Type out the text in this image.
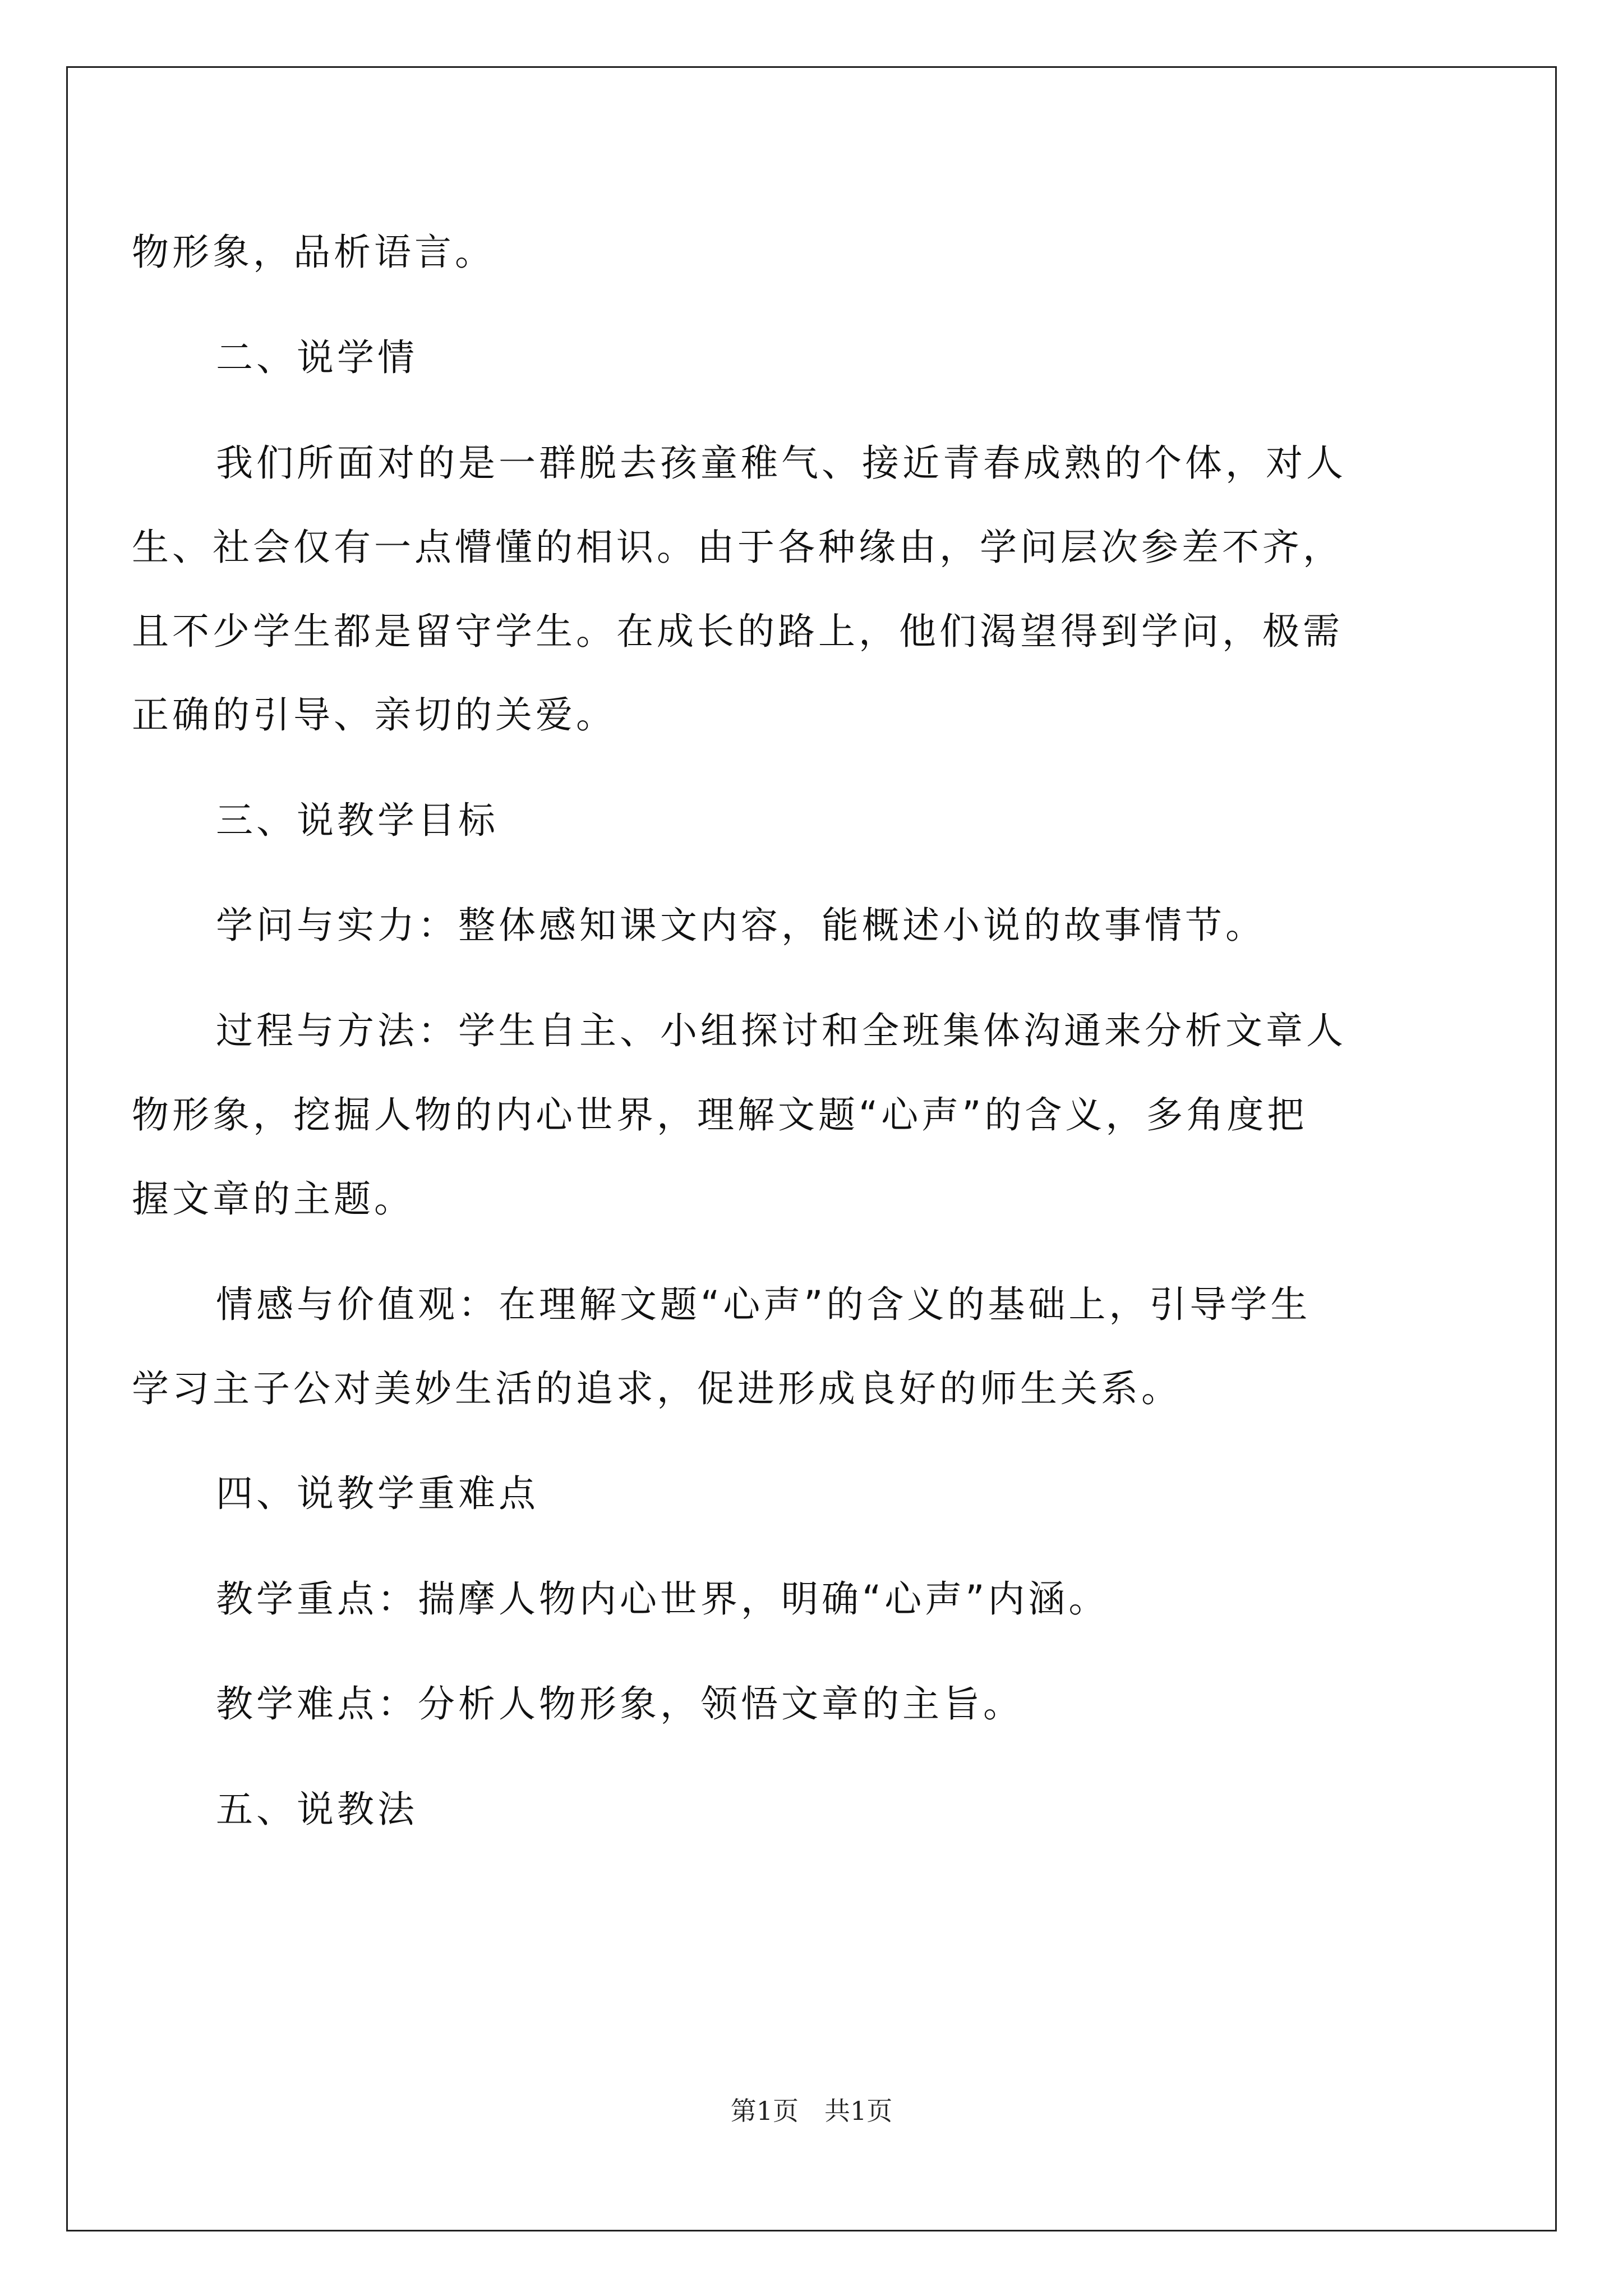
物形象，品析语言。
二、说学情
我们所面对的是一群脱去孩童稚气、接近青春成熟的个体，对人
生、社会仅有一点懵懂的相识。由于各种缘由，学问层次参差不齐，
且不少学生都是留守学生。在成长的路上，他们渴望得到学问，极需
正确的引导、亲切的关爱。
三、说教学目标
学问与实力：整体感知课文内容，能概述小说的故事情节。
过程与方法：学生自主、小组探讨和全班集体沟通来分析文章人
物形象，挖掘人物的内心世界，理解文题“心声”的含义，多角度把
握文章的主题。
情感与价值观：在理解文题“心声”的含义的基础上，引导学生
学习主子公对美妙生活的追求，促进形成良好的师生关系。
四、说教学重难点
教学重点：揣摩人物内心世界，明确“心声”内涵。
教学难点：分析人物形象，领悟文章的主旨。
五、说教法
第1页　共1页
